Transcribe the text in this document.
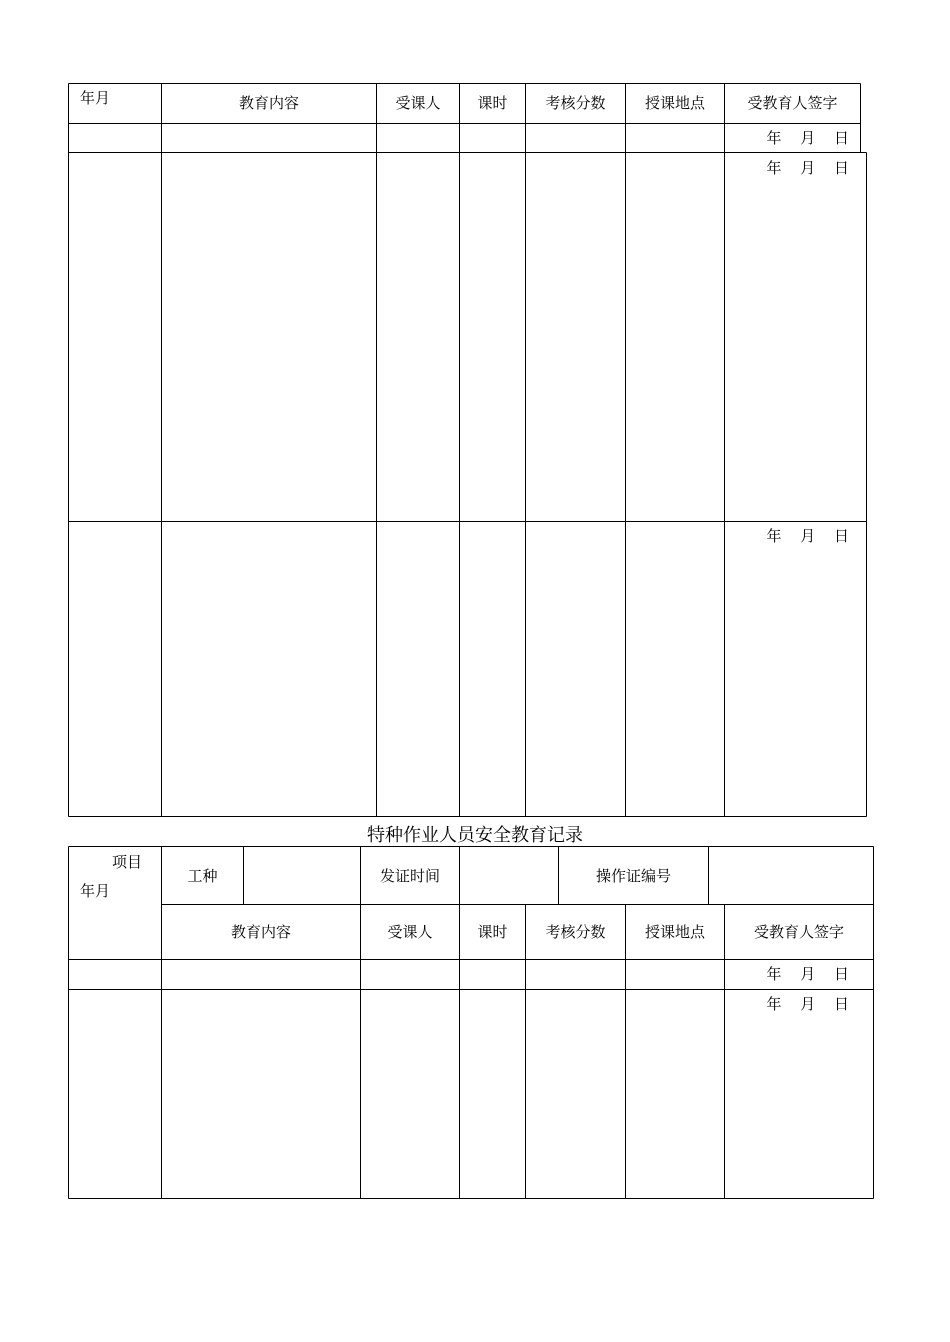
年月	教育内容	受课人	课时	考核分数	授课地点	受教育人签字
年 月 日
年 月 日
年 月 日
特种作业人员安全教育记录
项目
年月
工种	发证时间	操作证编号
教育内容	受课人	课时	考核分数	授课地点	受教育人签字
年 月 日
年 月 日
